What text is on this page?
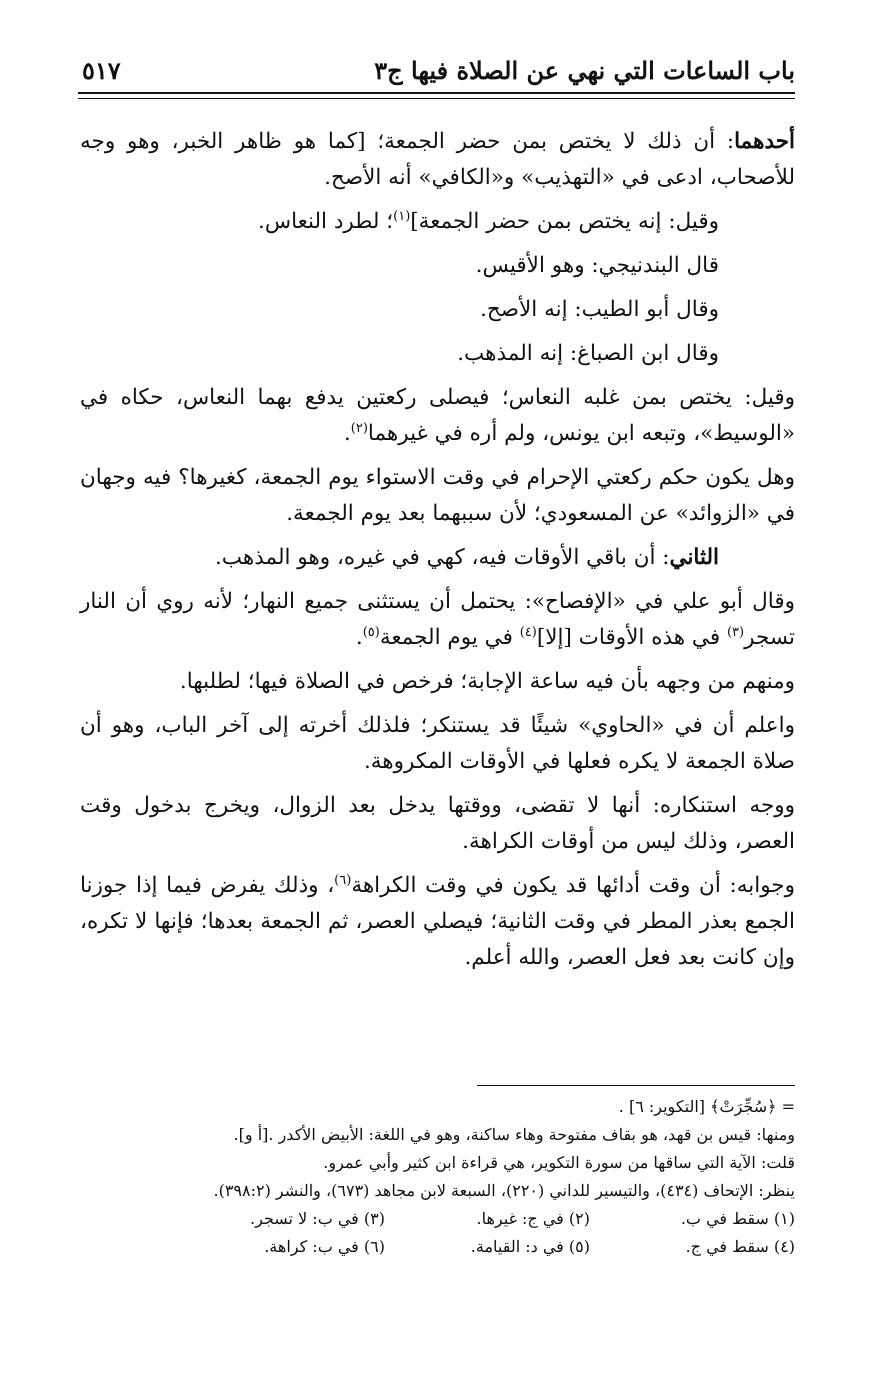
باب الساعات التي نهي عن الصلاة فيها ج٣
٥١٧

أحدهما: أن ذلك لا يختص بمن حضر الجمعة؛ [كما هو ظاهر الخبر، وهو وجه للأصحاب، ادعى في «التهذيب» و«الكافي» أنه الأصح.

وقيل: إنه يختص بمن حضر الجمعة]$^{(١)}$؛ لطرد النعاس.

قال البندنيجي: وهو الأقيس.

وقال أبو الطيب: إنه الأصح.

وقال ابن الصباغ: إنه المذهب.

وقيل: يختص بمن غلبه النعاس؛ فيصلى ركعتين يدفع بهما النعاس، حكاه في «الوسيط»، وتبعه ابن يونس، ولم أره في غيرهما$^{(٢)}$.

وهل يكون حكم ركعتي الإحرام في وقت الاستواء يوم الجمعة، كغيرها؟ فيه وجهان في «الزوائد» عن المسعودي؛ لأن سببهما بعد يوم الجمعة.

الثاني: أن باقي الأوقات فيه، كهي في غيره، وهو المذهب.

وقال أبو علي في «الإفصاح»: يحتمل أن يستثنى جميع النهار؛ لأنه روي أن النار تسجر$^{(٣)}$ في هذه الأوقات [إلا]$^{(٤)}$ في يوم الجمعة$^{(٥)}$.

ومنهم من وجهه بأن فيه ساعة الإجابة؛ فرخص في الصلاة فيها؛ لطلبها.

واعلم أن في «الحاوي» شيئًا قد يستنكر؛ فلذلك أخرته إلى آخر الباب، وهو أن صلاة الجمعة لا يكره فعلها في الأوقات المكروهة.

ووجه استنكاره: أنها لا تقضى، ووقتها يدخل بعد الزوال، ويخرج بدخول وقت العصر، وذلك ليس من أوقات الكراهة.

وجوابه: أن وقت أدائها قد يكون في وقت الكراهة$^{(٦)}$، وذلك يفرض فيما إذا جوزنا الجمع بعذر المطر في وقت الثانية؛ فيصلي العصر، ثم الجمعة بعدها؛ فإنها لا تكره، وإن كانت بعد فعل العصر، والله أعلم.

= ﴿سُجِّرَتْ﴾ [التكوير: ٦] .
ومنها: قيس بن قهد، هو بقاف مفتوحة وهاء ساكنة، وهو في اللغة: الأبيض الأكدر .[أ و].
قلت: الآية التي ساقها من سورة التكوير، هي قراءة ابن كثير وأبي عمرو.
ينظر: الإتحاف (٤٣٤)، والتيسير للداني (٢٢٠)، السبعة لابن مجاهد (٦٧٣)، والنشر (٣٩٨:٢).
(١) سقط في ب.
(٢) في ج: غيرها.
(٣) في ب: لا تسجر.
(٤) سقط في ج.
(٥) في د: القيامة.
(٦) في ب: كراهة.
